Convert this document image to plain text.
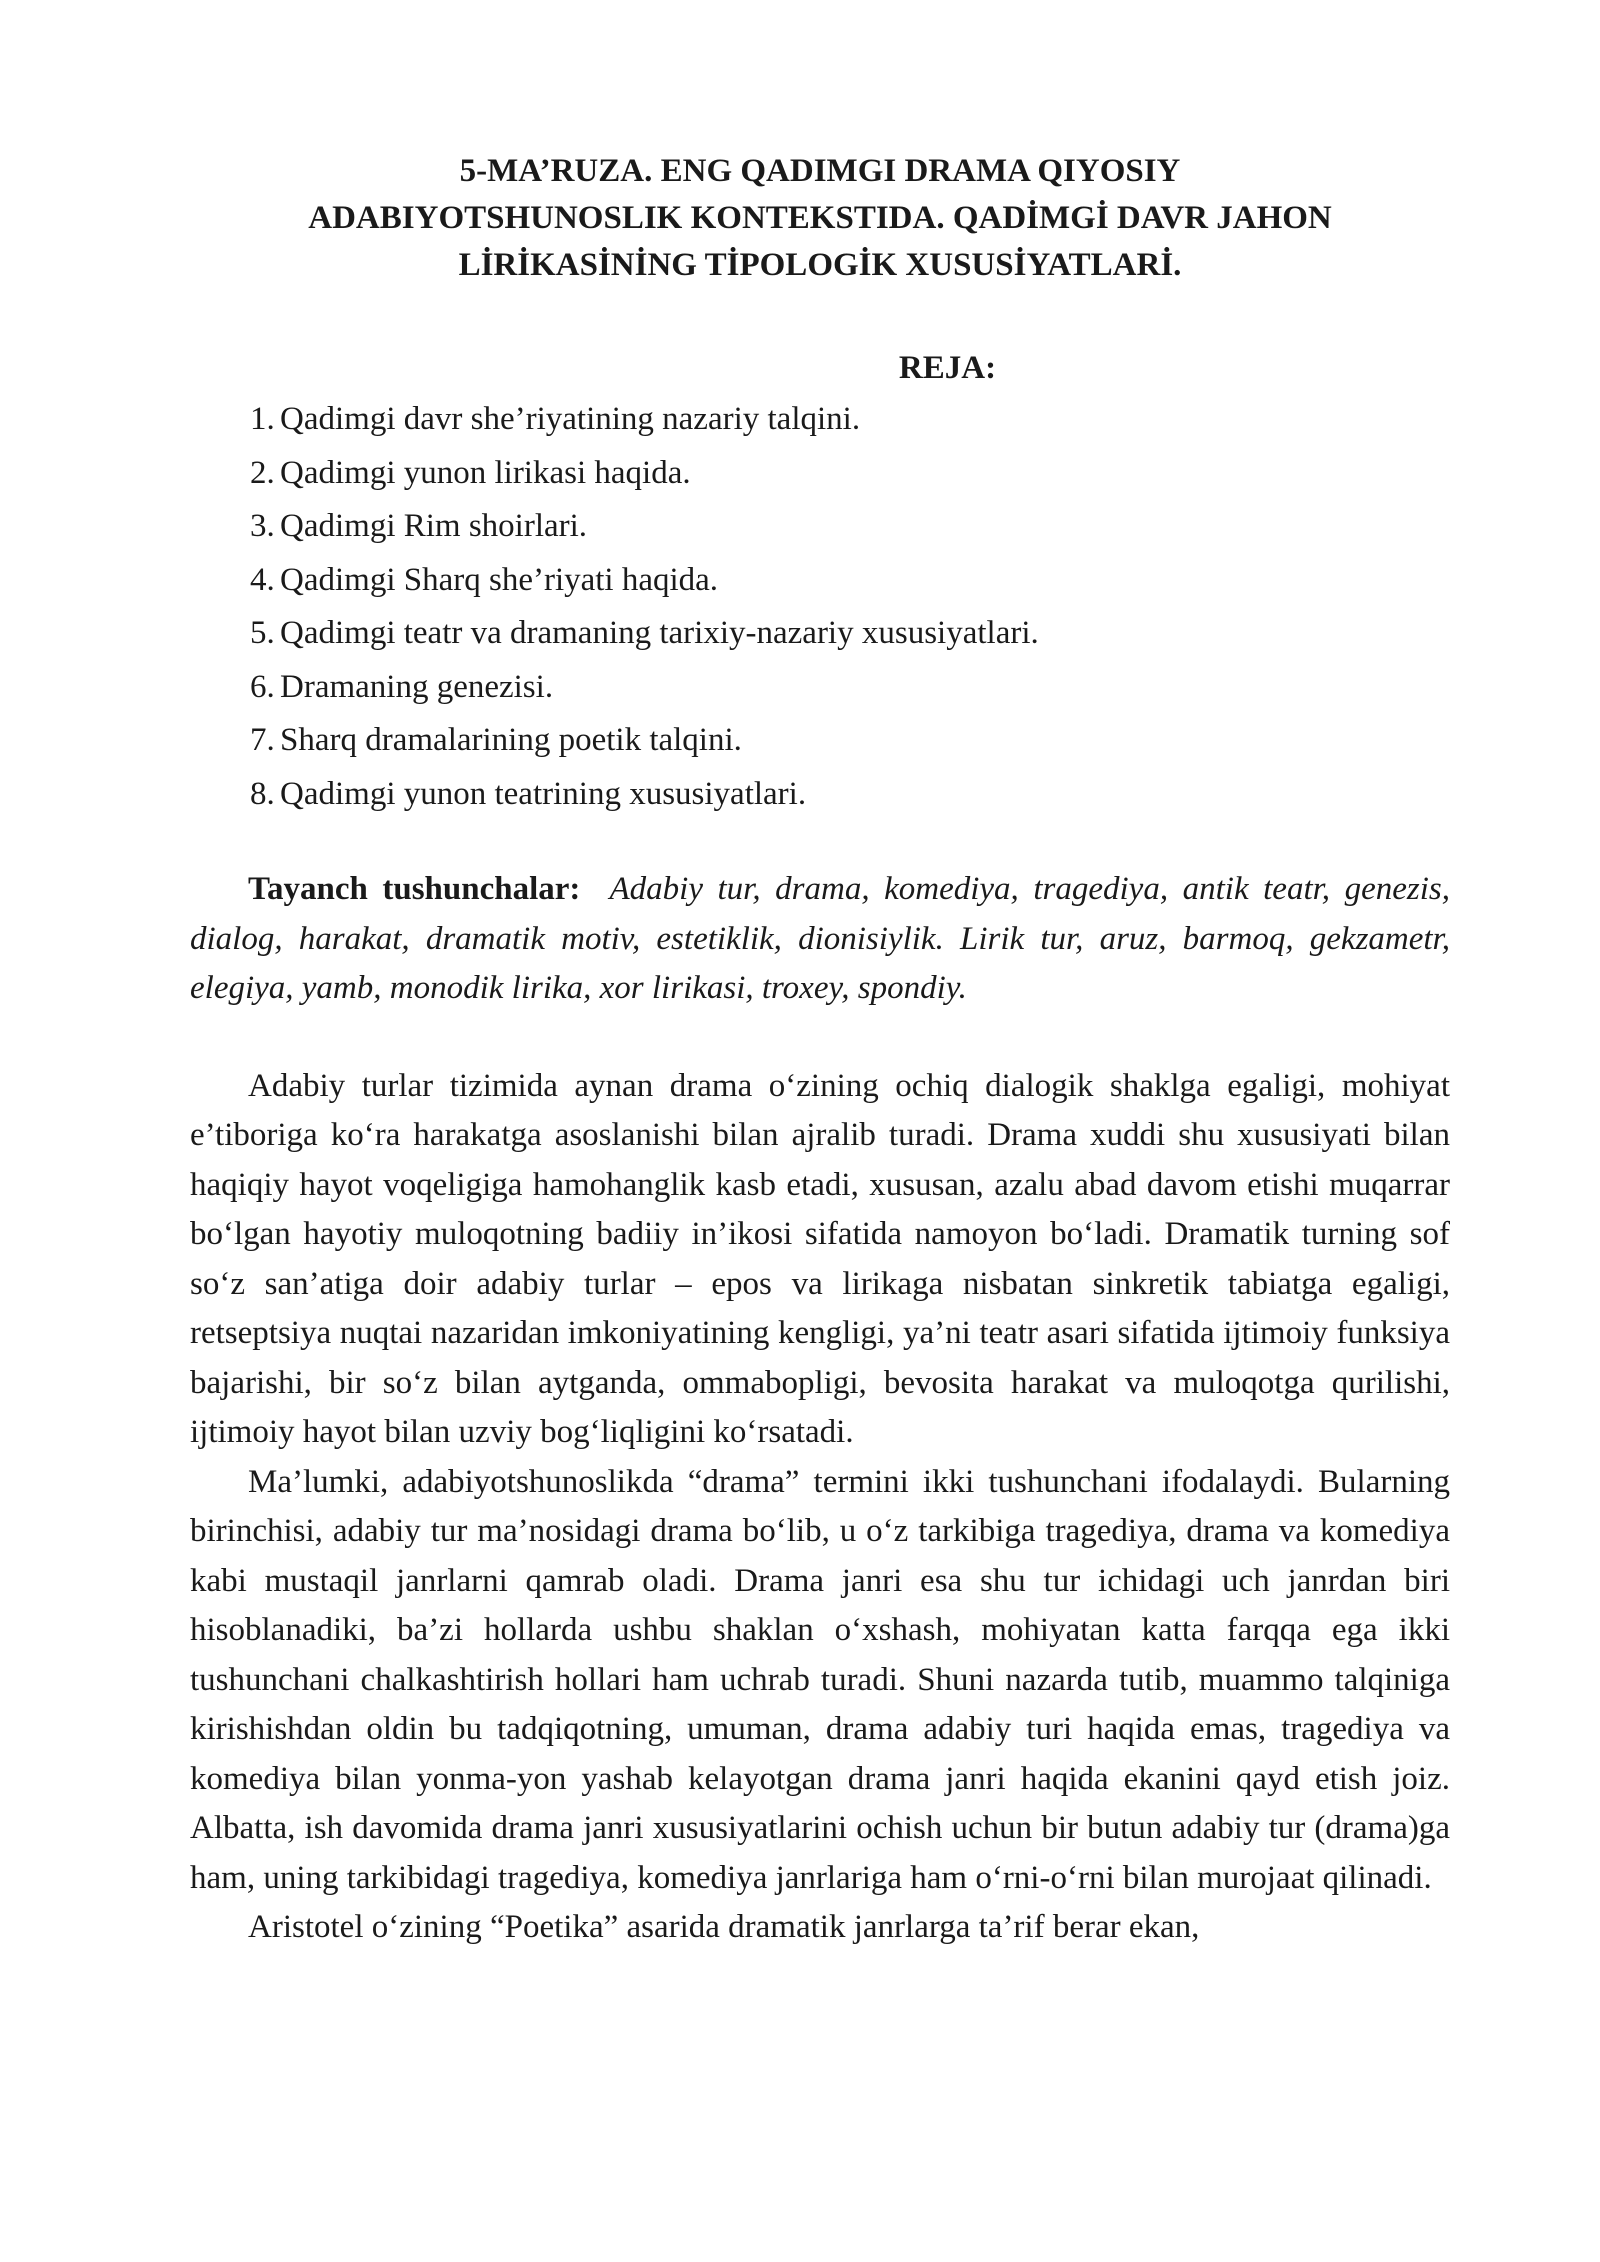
5-MA’RUZA. ENG QADIMGI DRAMA QIYOSIY
ADABIYOTSHUNOSLIK KONTEKSTIDA. QADİMGİ DAVR JAHON
LİRİKASİNİNG TİPOLOGİK XUSUSİYATLARİ.
REJA:
1. Qadimgi davr she’riyatining nazariy talqini.
2. Qadimgi yunon lirikasi haqida.
3. Qadimgi Rim shoirlari.
4. Qadimgi Sharq she’riyati haqida.
5. Qadimgi teatr va dramaning tarixiy-nazariy xususiyatlari.
6. Dramaning genezisi.
7. Sharq dramalarining poetik talqini.
8. Qadimgi yunon teatrining xususiyatlari.

Tayanch tushunchalar: Adabiy tur, drama, komediya, tragediya, antik teatr, genezis, dialog, harakat, dramatik motiv, estetiklik, dionisiylik. Lirik tur, aruz, barmoq, gekzametr, elegiya, yamb, monodik lirika, xor lirikasi, troxey, spondiy.

Adabiy turlar tizimida aynan drama o‘zining ochiq dialogik shaklga egaligi, mohiyat e’tiboriga ko‘ra harakatga asoslanishi bilan ajralib turadi. Drama xuddi shu xususiyati bilan haqiqiy hayot voqeligiga hamohanglik kasb etadi, xususan, azalu abad davom etishi muqarrar bo‘lgan hayotiy muloqotning badiiy in’ikosi sifatida namoyon bo‘ladi. Dramatik turning sof so‘z san’atiga doir adabiy turlar – epos va lirikaga nisbatan sinkretik tabiatga egaligi, retseptsiya nuqtai nazaridan imkoniyatining kengligi, ya’ni teatr asari sifatida ijtimoiy funksiya bajarishi, bir so‘z bilan aytganda, ommabopligi, bevosita harakat va muloqotga qurilishi, ijtimoiy hayot bilan uzviy bog‘liqligini ko‘rsatadi.

Ma’lumki, adabiyotshunoslikda “drama” termini ikki tushunchani ifodalaydi. Bularning birinchisi, adabiy tur ma’nosidagi drama bo‘lib, u o‘z tarkibiga tragediya, drama va komediya kabi mustaqil janrlarni qamrab oladi. Drama janri esa shu tur ichidagi uch janrdan biri hisoblanadiki, ba’zi hollarda ushbu shaklan o‘xshash, mohiyatan katta farqqa ega ikki tushunchani chalkashtirish hollari ham uchrab turadi. Shuni nazarda tutib, muammo talqiniga kirishishdan oldin bu tadqiqotning, umuman, drama adabiy turi haqida emas, tragediya va komediya bilan yonma-yon yashab kelayotgan drama janri haqida ekanini qayd etish joiz. Albatta, ish davomida drama janri xususiyatlarini ochish uchun bir butun adabiy tur (drama)ga ham, uning tarkibidagi tragediya, komediya janrlariga ham o‘rni-o‘rni bilan murojaat qilinadi.

Aristotel o‘zining “Poetika” asarida dramatik janrlarga ta’rif berar ekan,
